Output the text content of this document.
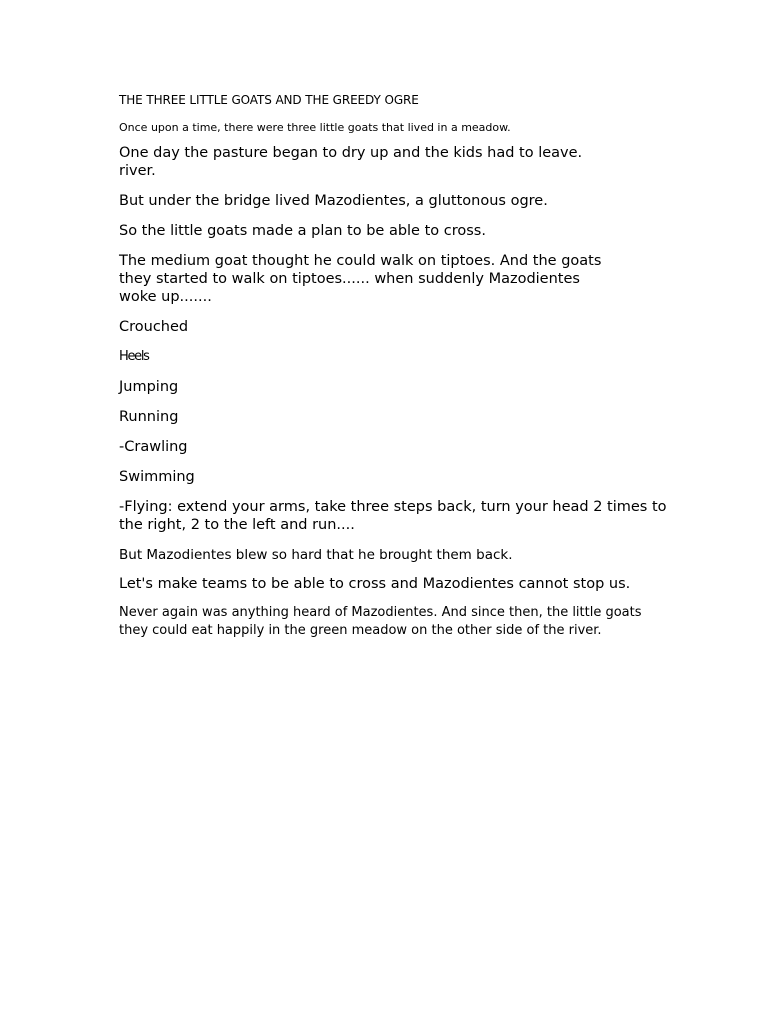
THE THREE LITTLE GOATS AND THE GREEDY OGRE
Once upon a time, there were three little goats that lived in a meadow.
One day the pasture began to dry up and the kids had to leave.
river.
But under the bridge lived Mazodientes, a gluttonous ogre.
So the little goats made a plan to be able to cross.
The medium goat thought he could walk on tiptoes. And the goats
they started to walk on tiptoes...... when suddenly Mazodientes
woke up.......
Crouched
Heels
Jumping
Running
-Crawling
Swimming
-Flying: extend your arms, take three steps back, turn your head 2 times to
the right, 2 to the left and run....
But Mazodientes blew so hard that he brought them back.
Let's make teams to be able to cross and Mazodientes cannot stop us.
Never again was anything heard of Mazodientes. And since then, the little goats
they could eat happily in the green meadow on the other side of the river.
